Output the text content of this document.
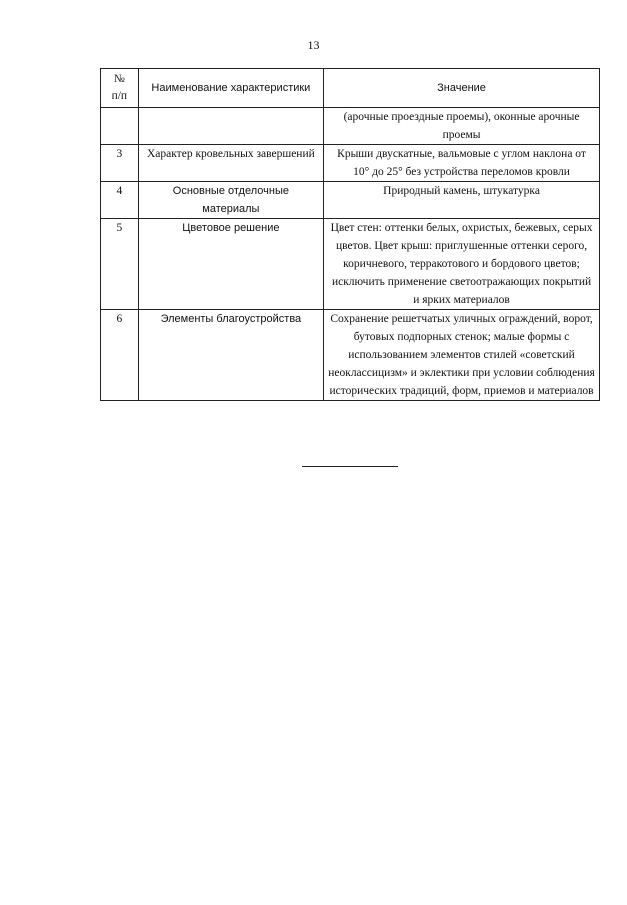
13
№
п/п	Наименование характеристики	Значение
		(арочные проездные проемы), оконные арочные проемы
3	Характер кровельных завершений	Крыши двускатные, вальмовые с углом наклона от 10° до 25° без устройства переломов кровли
4	Основные отделочные материалы	Природный камень, штукатурка
5	Цветовое решение	Цвет стен: оттенки белых, охристых, бежевых, серых цветов. Цвет крыш: приглушенные оттенки серого, коричневого, терракотового и бордового цветов; исключить применение светоотражающих покрытий и ярких материалов
6	Элементы благоустройства	Сохранение решетчатых уличных ограждений, ворот, бутовых подпорных стенок; малые формы с использованием элементов стилей «советский неоклассицизм» и эклектики при условии соблюдения исторических традиций, форм, приемов и материалов
